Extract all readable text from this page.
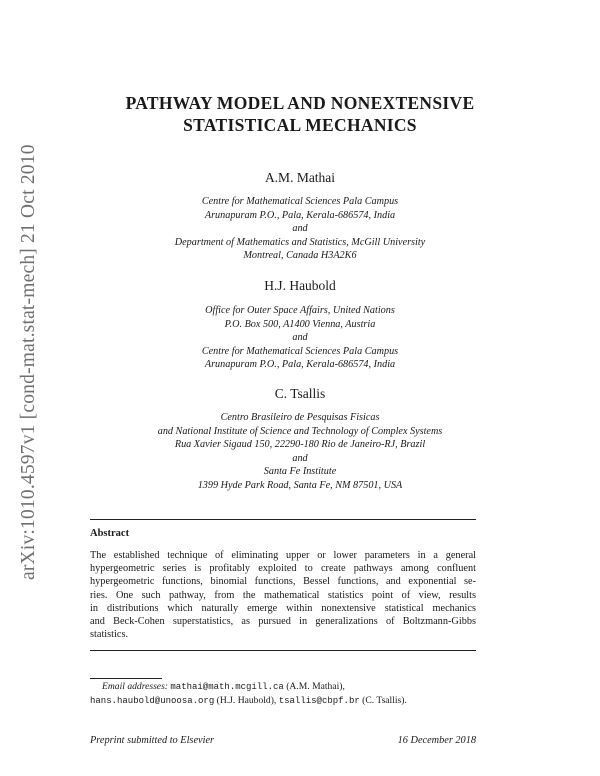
arXiv:1010.4597v1 [cond-mat.stat-mech] 21 Oct 2010
PATHWAY MODEL AND NONEXTENSIVE
STATISTICAL MECHANICS
A.M. Mathai
Centre for Mathematical Sciences Pala Campus
Arunapuram P.O., Pala, Kerala-686574, India
and
Department of Mathematics and Statistics, McGill University
Montreal, Canada H3A2K6
H.J. Haubold
Office for Outer Space Affairs, United Nations
P.O. Box 500, A1400 Vienna, Austria
and
Centre for Mathematical Sciences Pala Campus
Arunapuram P.O., Pala, Kerala-686574, India
C. Tsallis
Centro Brasileiro de Pesquisas Fisicas
and National Institute of Science and Technology of Complex Systems
Rua Xavier Sigaud 150, 22290-180 Rio de Janeiro-RJ, Brazil
and
Santa Fe Institute
1399 Hyde Park Road, Santa Fe, NM 87501, USA
Abstract
The established technique of eliminating upper or lower parameters in a general
hypergeometric series is profitably exploited to create pathways among confluent
hypergeometric functions, binomial functions, Bessel functions, and exponential se-
ries. One such pathway, from the mathematical statistics point of view, results
in distributions which naturally emerge within nonextensive statistical mechanics
and Beck-Cohen superstatistics, as pursued in generalizations of Boltzmann-Gibbs
statistics.
Email addresses: mathai@math.mcgill.ca (A.M. Mathai),
hans.haubold@unoosa.org (H.J. Haubold), tsallis@cbpf.br (C. Tsallis).
Preprint submitted to Elsevier	16 December 2018
